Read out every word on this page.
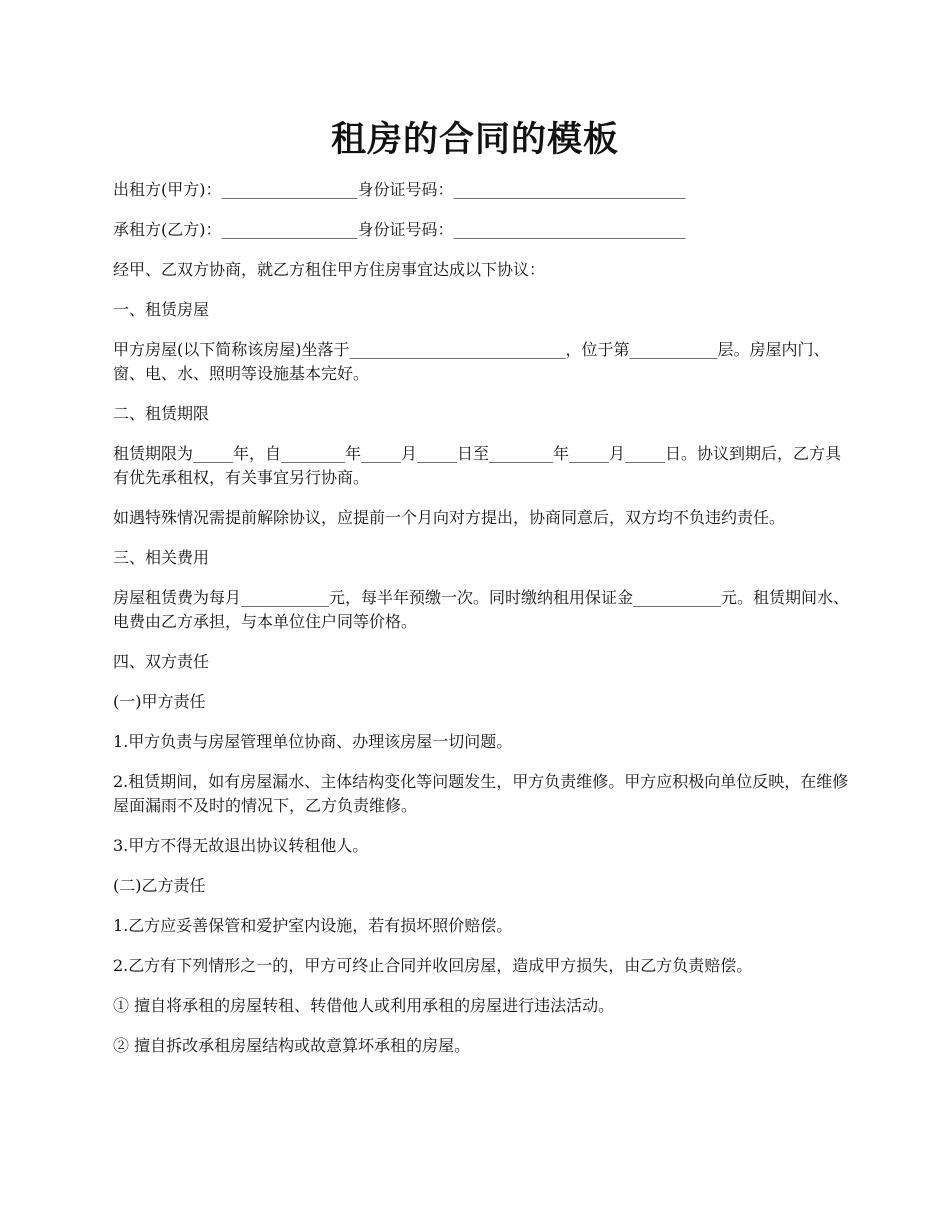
租房的合同的模板

出租方(甲方)：_________________身份证号码：_____________________________

承租方(乙方)：_________________身份证号码：_____________________________

经甲、乙双方协商，就乙方租住甲方住房事宜达成以下协议：

一、租赁房屋

甲方房屋(以下简称该房屋)坐落于___________________________，位于第___________层。房屋内门、窗、电、水、照明等设施基本完好。

二、租赁期限

租赁期限为_____年，自________年_____月_____日至________年_____月_____日。协议到期后，乙方具有优先承租权，有关事宜另行协商。

如遇特殊情况需提前解除协议，应提前一个月向对方提出，协商同意后，双方均不负违约责任。

三、相关费用

房屋租赁费为每月___________元，每半年预缴一次。同时缴纳租用保证金___________元。租赁期间水、电费由乙方承担，与本单位住户同等价格。

四、双方责任

(一)甲方责任

1.甲方负责与房屋管理单位协商、办理该房屋一切问题。

2.租赁期间，如有房屋漏水、主体结构变化等问题发生，甲方负责维修。甲方应积极向单位反映，在维修屋面漏雨不及时的情况下，乙方负责维修。

3.甲方不得无故退出协议转租他人。

(二)乙方责任

1.乙方应妥善保管和爱护室内设施，若有损坏照价赔偿。

2.乙方有下列情形之一的，甲方可终止合同并收回房屋，造成甲方损失，由乙方负责赔偿。

① 擅自将承租的房屋转租、转借他人或利用承租的房屋进行违法活动。

② 擅自拆改承租房屋结构或故意算坏承租的房屋。
